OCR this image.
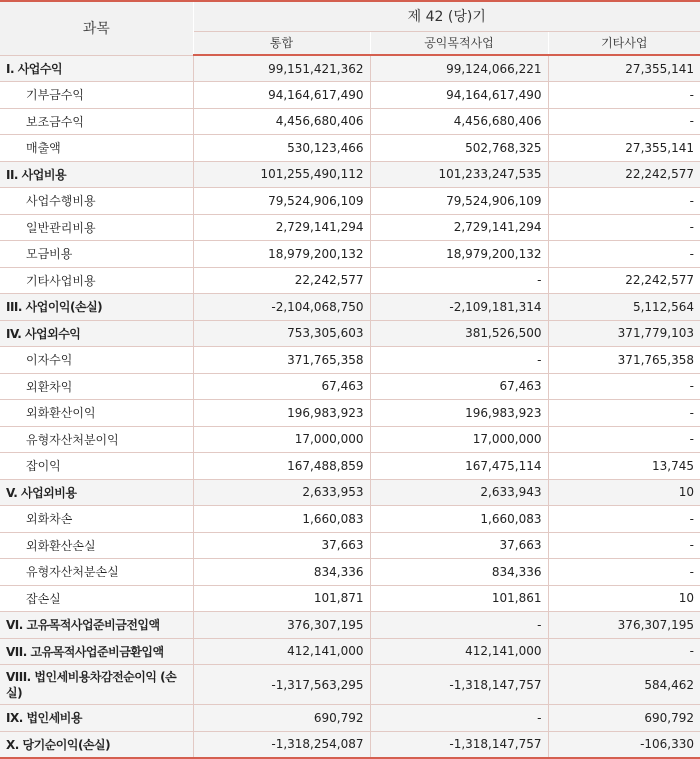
과목	제 42 (당)기		
	통합	공익목적사업	기타사업
I. 사업수익	99,151,421,362	99,124,066,221	27,355,141
기부금수익	94,164,617,490	94,164,617,490	-
보조금수익	4,456,680,406	4,456,680,406	-
매출액	530,123,466	502,768,325	27,355,141
II. 사업비용	101,255,490,112	101,233,247,535	22,242,577
사업수행비용	79,524,906,109	79,524,906,109	-
일반관리비용	2,729,141,294	2,729,141,294	-
모금비용	18,979,200,132	18,979,200,132	-
기타사업비용	22,242,577	-	22,242,577
III. 사업이익(손실)	-2,104,068,750	-2,109,181,314	5,112,564
IV. 사업외수익	753,305,603	381,526,500	371,779,103
이자수익	371,765,358	-	371,765,358
외환차익	67,463	67,463	-
외화환산이익	196,983,923	196,983,923	-
유형자산처분이익	17,000,000	17,000,000	-
잡이익	167,488,859	167,475,114	13,745
V. 사업외비용	2,633,953	2,633,943	10
외화차손	1,660,083	1,660,083	-
외화환산손실	37,663	37,663	-
유형자산처분손실	834,336	834,336	-
잡손실	101,871	101,861	10
VI. 고유목적사업준비금전입액	376,307,195	-	376,307,195
VII. 고유목적사업준비금환입액	412,141,000	412,141,000	-
VIII. 법인세비용차감전순이익 (손실)	-1,317,563,295	-1,318,147,757	584,462
IX. 법인세비용	690,792	-	690,792
X. 당기순이익(손실)	-1,318,254,087	-1,318,147,757	-106,330
